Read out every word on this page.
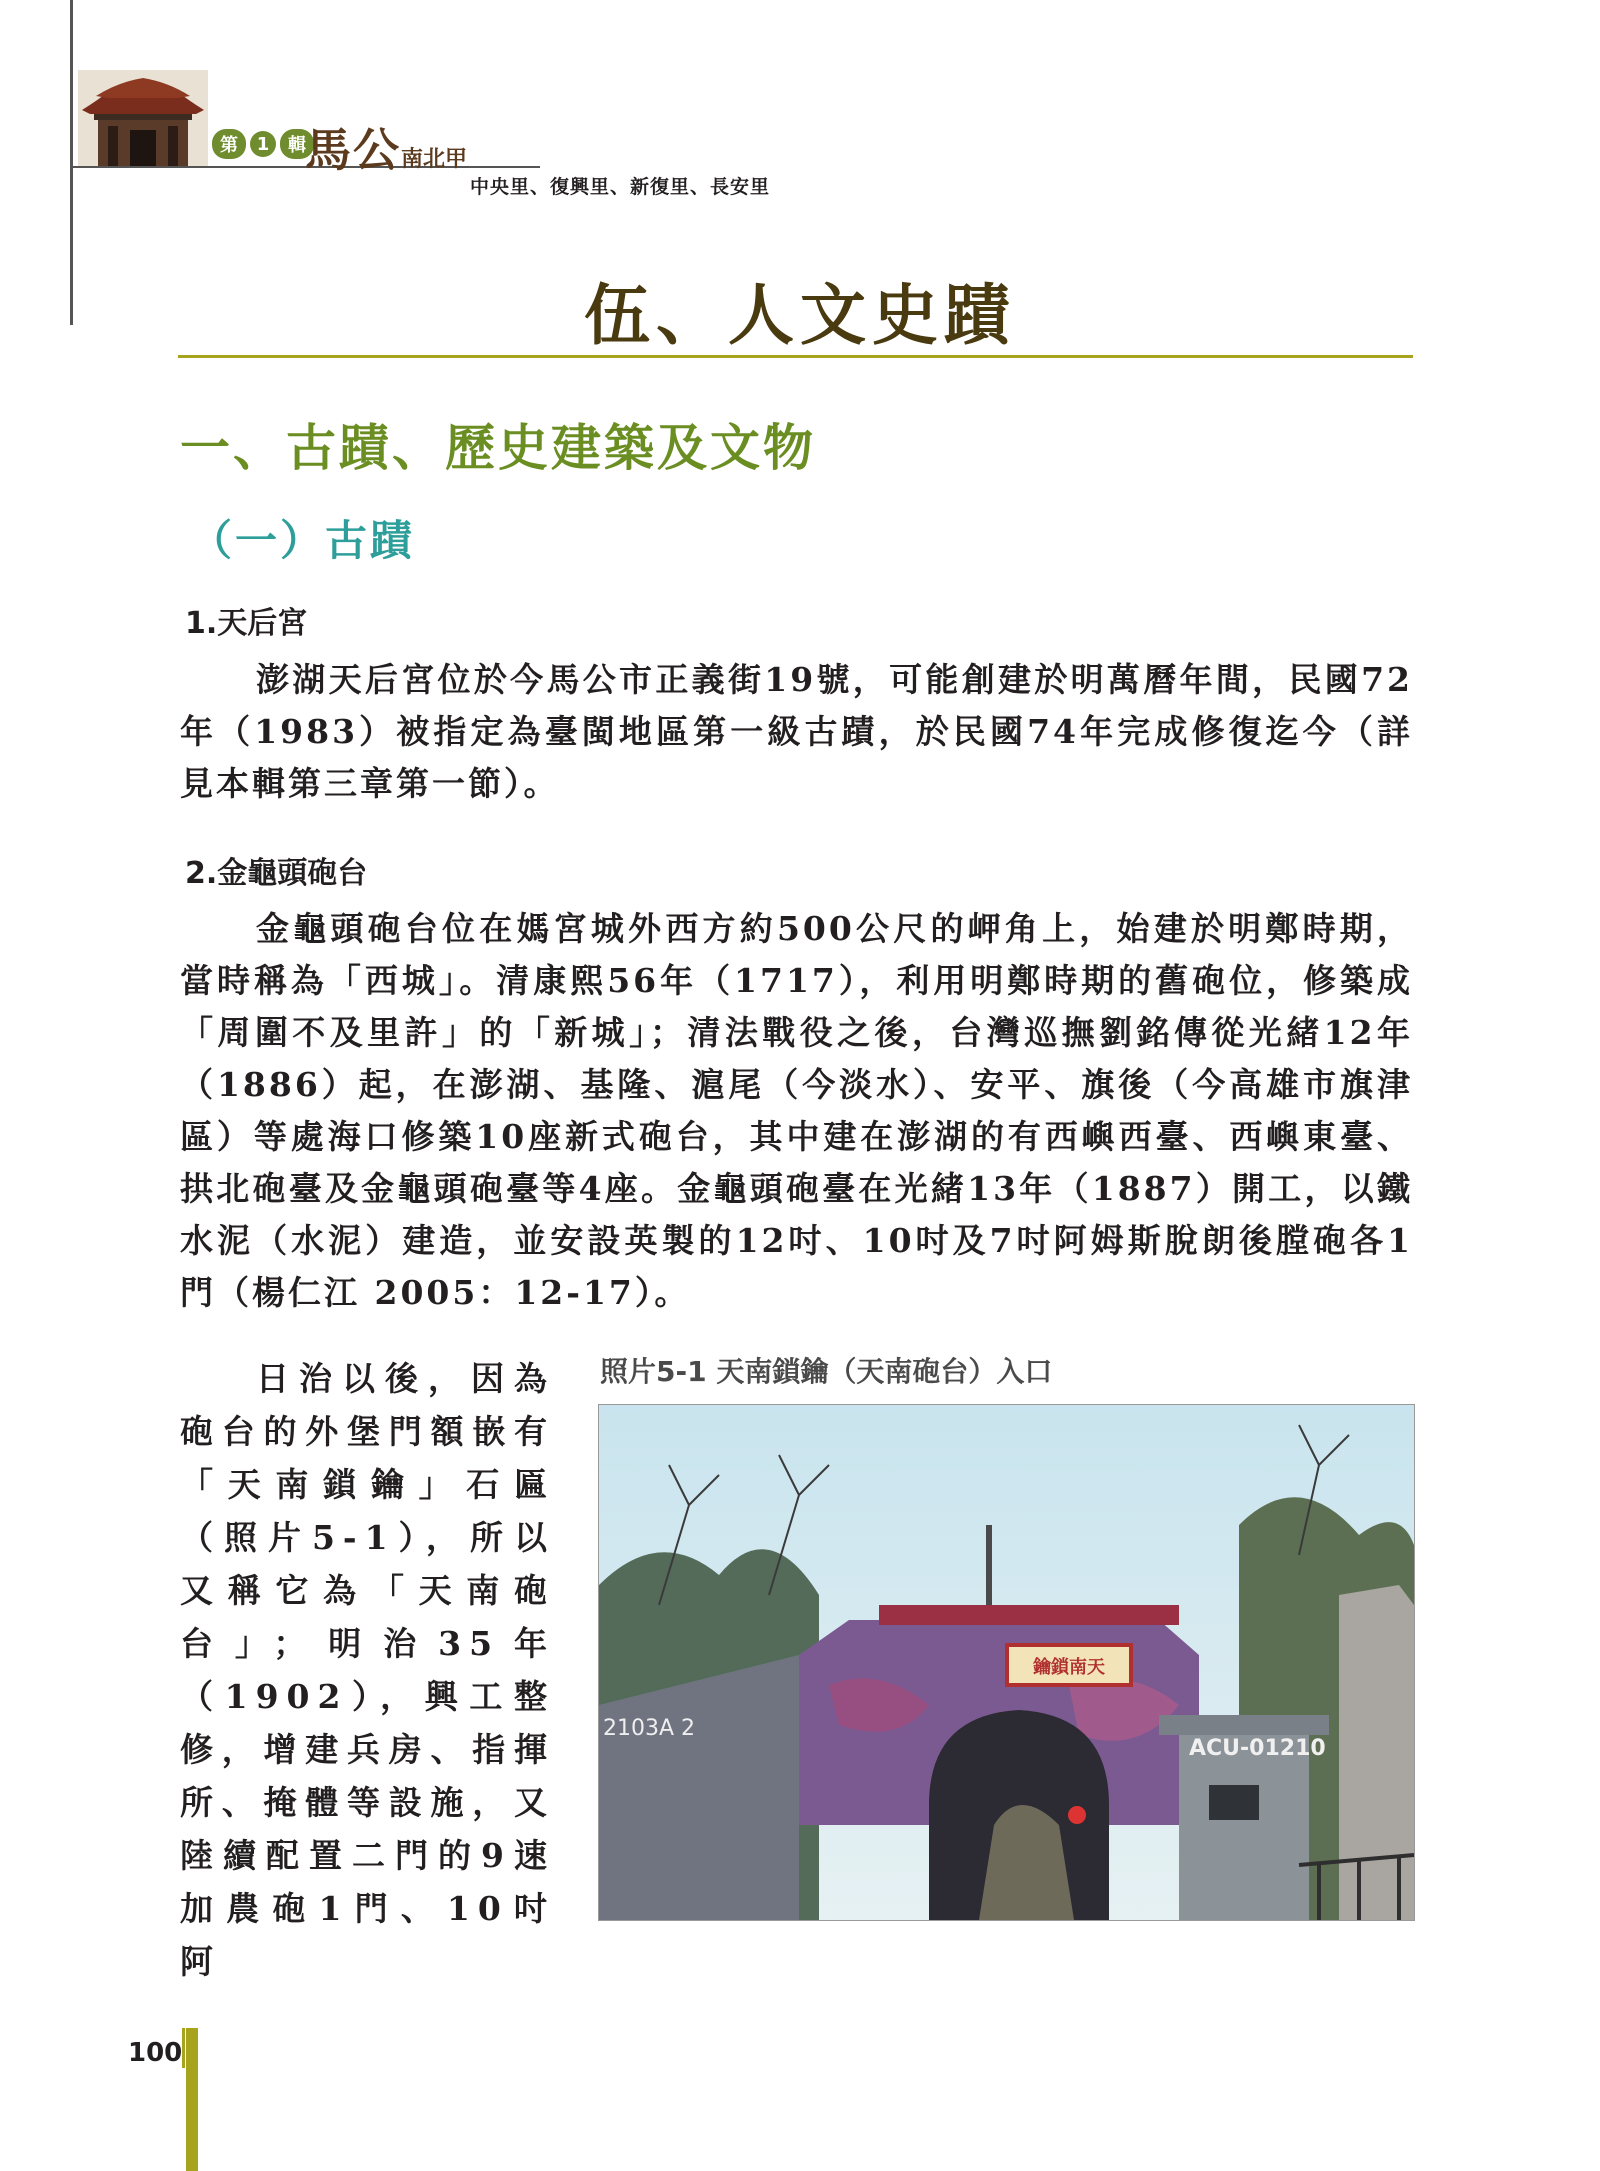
第	1	輯 馬公南北甲
中央里、復興里、新復里、長安里
伍、人文史蹟
一、古蹟、歷史建築及文物
（一）古蹟
1.天后宮
澎湖天后宮位於今馬公市正義街19號，可能創建於明萬曆年間，民國72年（1983）被指定為臺閩地區第一級古蹟，於民國74年完成修復迄今（詳見本輯第三章第一節）。
2.金龜頭砲台
金龜頭砲台位在媽宮城外西方約500公尺的岬角上，始建於明鄭時期，當時稱為「西城」。清康熙56年（1717），利用明鄭時期的舊砲位，修築成「周圍不及里許」的「新城」；清法戰役之後，台灣巡撫劉銘傳從光緒12年（1886）起，在澎湖、基隆、滬尾（今淡水）、安平、旗後（今高雄市旗津區）等處海口修築10座新式砲台，其中建在澎湖的有西嶼西臺、西嶼東臺、拱北砲臺及金龜頭砲臺等4座。金龜頭砲臺在光緒13年（1887）開工，以鐵水泥（水泥）建造，並安設英製的12吋、10吋及7吋阿姆斯脫朗後膛砲各1門（楊仁江 2005：12-17）。
日治以後，因為砲台的外堡門額嵌有「天南鎖鑰」石匾（照片5-1），所以又稱它為「天南砲台」；明治35年（1902），興工整修，增建兵房、指揮所、掩體等設施，又陸續配置二門的9速加農砲1門、10吋阿
照片5-1 天南鎖鑰（天南砲台）入口
2103A 2
鑰鎖南天
ACU-01210
100
